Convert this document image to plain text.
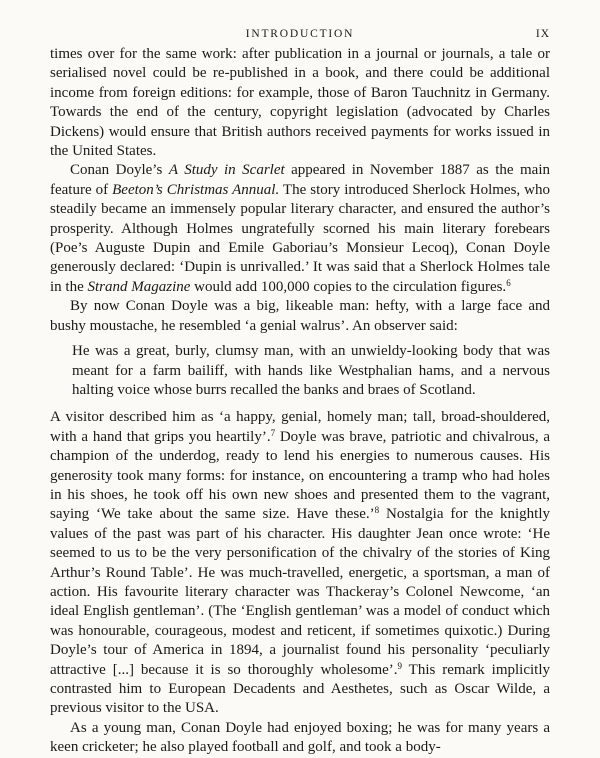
INTRODUCTION	IX

times over for the same work: after publication in a journal or journals, a tale or serialised novel could be re-published in a book, and there could be additional income from foreign editions: for example, those of Baron Tauchnitz in Germany. Towards the end of the century, copyright legislation (advocated by Charles Dickens) would ensure that British authors received payments for works issued in the United States.

Conan Doyle’s A Study in Scarlet appeared in November 1887 as the main feature of Beeton’s Christmas Annual. The story introduced Sherlock Holmes, who steadily became an immensely popular literary character, and ensured the author’s prosperity. Although Holmes ungratefully scorned his main literary forebears (Poe’s Auguste Dupin and Emile Gaboriau’s Monsieur Lecoq), Conan Doyle generously declared: ‘Dupin is unrivalled.’ It was said that a Sherlock Holmes tale in the Strand Magazine would add 100,000 copies to the circulation figures.$^6$

By now Conan Doyle was a big, likeable man: hefty, with a large face and bushy moustache, he resembled ‘a genial walrus’. An observer said:

He was a great, burly, clumsy man, with an unwieldy-looking body that was meant for a farm bailiff, with hands like Westphalian hams, and a nervous halting voice whose burrs recalled the banks and braes of Scotland.

A visitor described him as ‘a happy, genial, homely man; tall, broad-shouldered, with a hand that grips you heartily’.$^7$ Doyle was brave, patriotic and chivalrous, a champion of the underdog, ready to lend his energies to numerous causes. His generosity took many forms: for instance, on encountering a tramp who had holes in his shoes, he took off his own new shoes and presented them to the vagrant, saying ‘We take about the same size. Have these.’$^8$ Nostalgia for the knightly values of the past was part of his character. His daughter Jean once wrote: ‘He seemed to us to be the very personification of the chivalry of the stories of King Arthur’s Round Table’. He was much-travelled, energetic, a sportsman, a man of action. His favourite literary character was Thackeray’s Colonel Newcome, ‘an ideal English gentleman’. (The ‘English gentleman’ was a model of conduct which was honourable, courageous, modest and reticent, if sometimes quixotic.) During Doyle’s tour of America in 1894, a journalist found his personality ‘peculiarly attractive [...] because it is so thoroughly wholesome’.$^9$ This remark implicitly contrasted him to European Decadents and Aesthetes, such as Oscar Wilde, a previous visitor to the USA.

As a young man, Conan Doyle had enjoyed boxing; he was for many years a keen cricketer; he also played football and golf, and took a body-
